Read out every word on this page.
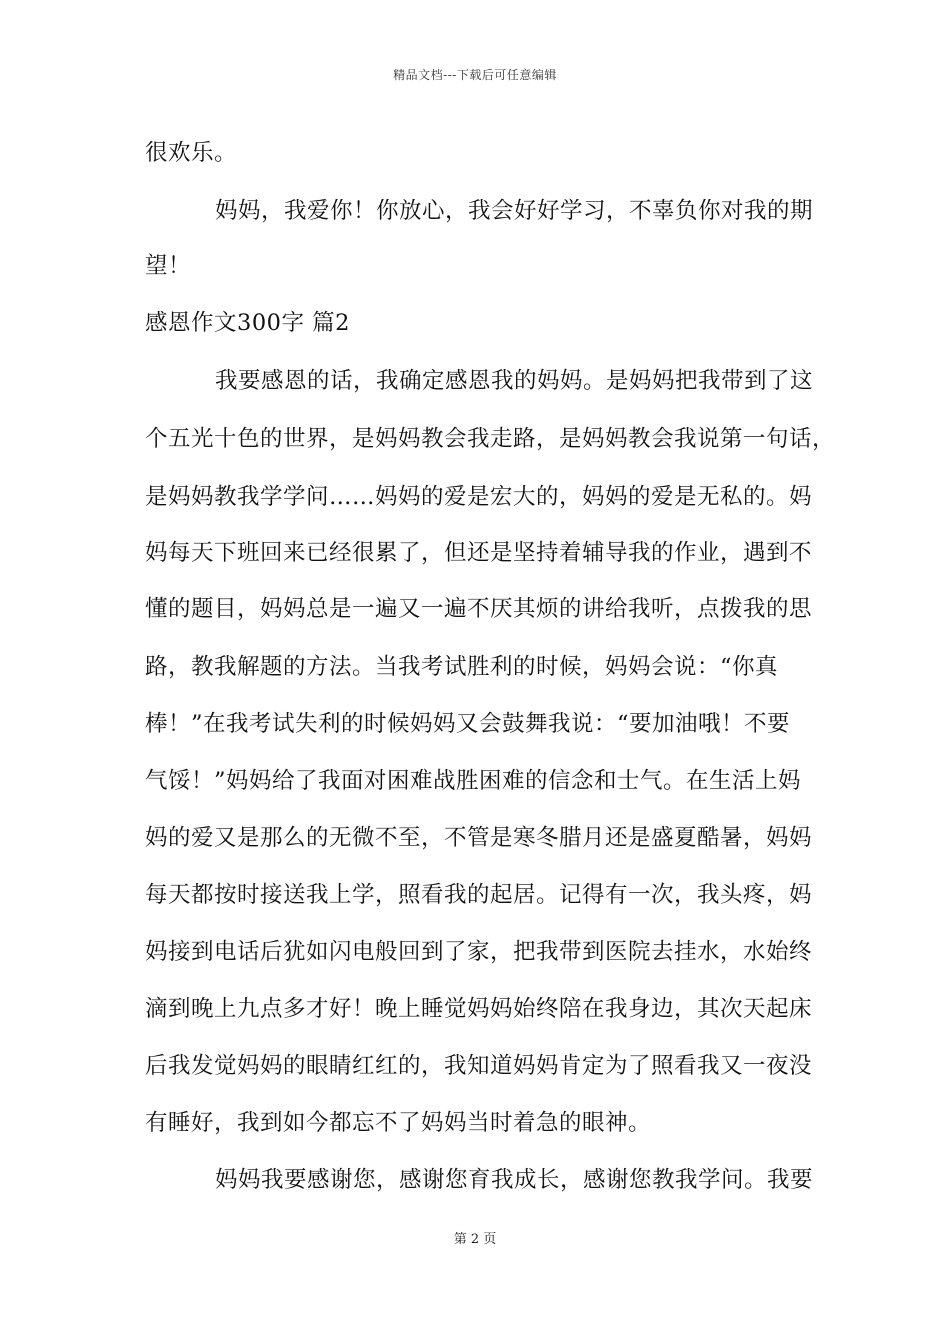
精品文档---下载后可任意编辑
很欢乐。
妈妈，我爱你！你放心，我会好好学习，不辜负你对我的期
望！
感恩作文300字 篇2
我要感恩的话，我确定感恩我的妈妈。是妈妈把我带到了这
个五光十色的世界，是妈妈教会我走路，是妈妈教会我说第一句话，
是妈妈教我学学问……妈妈的爱是宏大的，妈妈的爱是无私的。妈
妈每天下班回来已经很累了，但还是坚持着辅导我的作业，遇到不
懂的题目，妈妈总是一遍又一遍不厌其烦的讲给我听，点拨我的思
路，教我解题的方法。当我考试胜利的时候，妈妈会说：“你真
棒！”在我考试失利的时候妈妈又会鼓舞我说：“要加油哦！不要
气馁！”妈妈给了我面对困难战胜困难的信念和士气。在生活上妈
妈的爱又是那么的无微不至，不管是寒冬腊月还是盛夏酷暑，妈妈
每天都按时接送我上学，照看我的起居。记得有一次，我头疼，妈
妈接到电话后犹如闪电般回到了家，把我带到医院去挂水，水始终
滴到晚上九点多才好！晚上睡觉妈妈始终陪在我身边，其次天起床
后我发觉妈妈的眼睛红红的，我知道妈妈肯定为了照看我又一夜没
有睡好，我到如今都忘不了妈妈当时着急的眼神。
妈妈我要感谢您，感谢您育我成长，感谢您教我学问。我要
第 2 页
